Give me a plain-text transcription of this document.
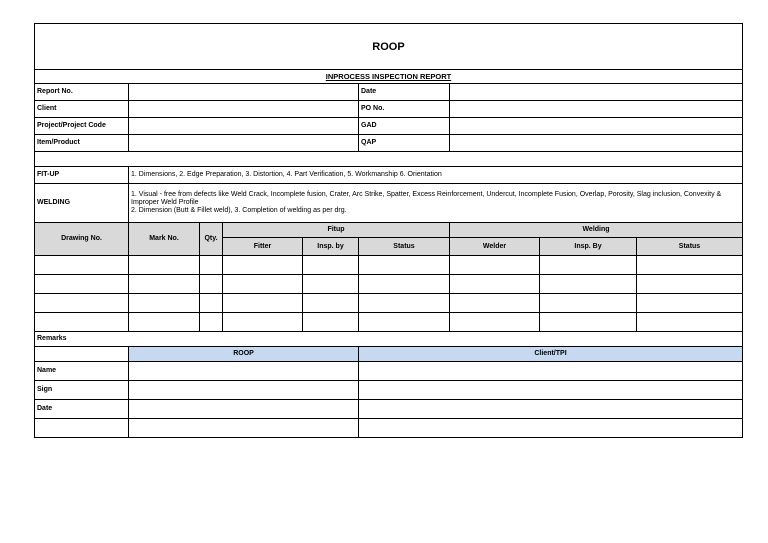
ROOP								
INPROCESS INSPECTION REPORT								
Report No.					Date			
Client					PO No.			
Project/Project Code					GAD			
Item/Product					QAP			

FIT-UP	1. Dimensions, 2. Edge Preparation, 3. Distortion, 4. Part Verification, 5. Workmanship 6. Orientation							
WELDING	1. Visual - free from defects like Weld Crack, Incomplete fusion, Crater, Arc Strike, Spatter, Excess Reinforcement, Undercut, Incomplete Fusion, Overlap, Porosity, Slag inclusion, Convexity & Improper Weld Profile
2. Dimension (Butt & Fillet weld), 3. Completion of welding as per drg.							

Drawing No.	Mark No.	Qty.	Fitup			Welding		
			Fitter	Insp. by	Status	Welder	Insp. By	Status

Remarks								
	ROOP				Client/TPI			
Name								
Sign								
Date								
